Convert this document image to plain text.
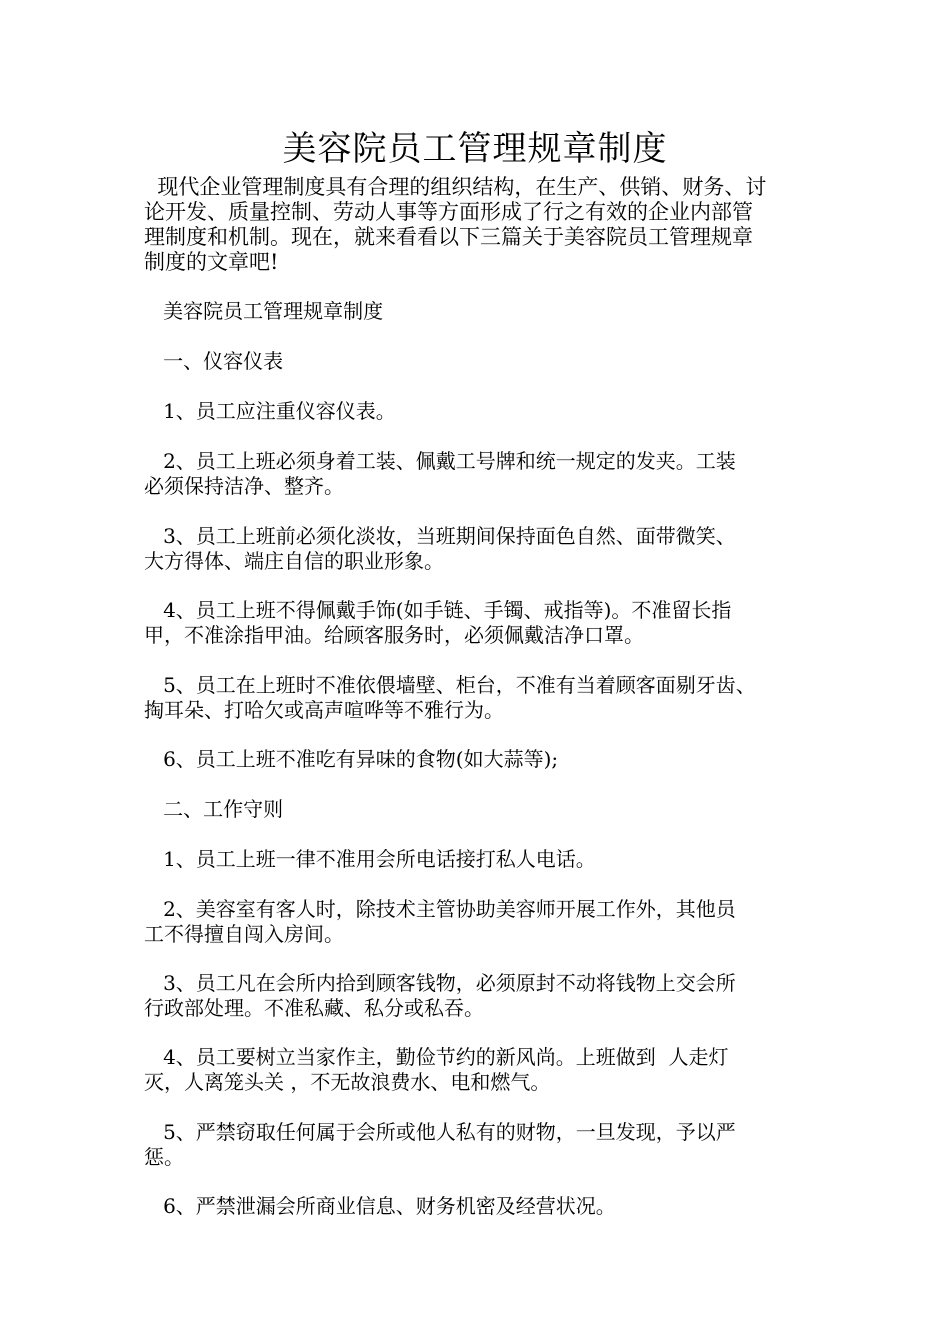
美容院员工管理规章制度

现代企业管理制度具有合理的组织结构，在生产、供销、财务、讨
论开发、质量控制、劳动人事等方面形成了行之有效的企业内部管
理制度和机制。现在，就来看看以下三篇关于美容院员工管理规章
制度的文章吧!

美容院员工管理规章制度

一、仪容仪表

1、员工应注重仪容仪表。

2、员工上班必须身着工装、佩戴工号牌和统一规定的发夹。工装
必须保持洁净、整齐。

3、员工上班前必须化淡妆，当班期间保持面色自然、面带微笑、
大方得体、端庄自信的职业形象。

4、员工上班不得佩戴手饰(如手链、手镯、戒指等)。不准留长指
甲，不准涂指甲油。给顾客服务时，必须佩戴洁净口罩。

5、员工在上班时不准依偎墙壁、柜台，不准有当着顾客面剔牙齿、
掏耳朵、打哈欠或高声喧哗等不雅行为。

6、员工上班不准吃有异味的食物(如大蒜等);

二、工作守则

1、员工上班一律不准用会所电话接打私人电话。

2、美容室有客人时，除技术主管协助美容师开展工作外，其他员
工不得擅自闯入房间。

3、员工凡在会所内拾到顾客钱物，必须原封不动将钱物上交会所
行政部处理。不准私藏、私分或私吞。

4、员工要树立当家作主，勤俭节约的新风尚。上班做到  人走灯
灭，人离笼头关 ，不无故浪费水、电和燃气。

5、严禁窃取任何属于会所或他人私有的财物，一旦发现，予以严
惩。

6、严禁泄漏会所商业信息、财务机密及经营状况。
